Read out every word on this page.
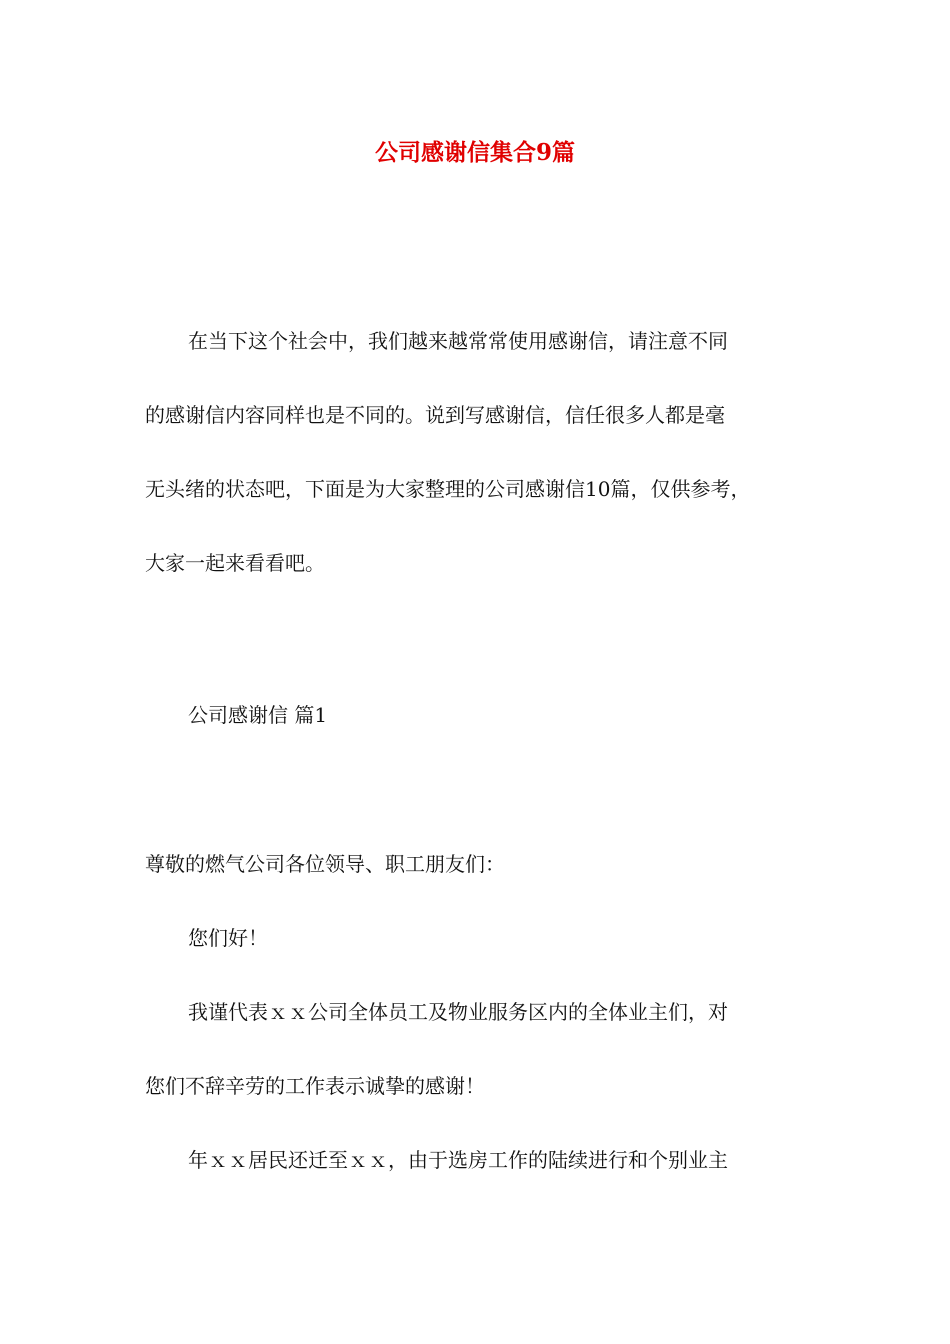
公司感谢信集合9篇
在当下这个社会中，我们越来越常常使用感谢信，请注意不同
的感谢信内容同样也是不同的。说到写感谢信，信任很多人都是毫
无头绪的状态吧，下面是为大家整理的公司感谢信10篇，仅供参考，
大家一起来看看吧。
公司感谢信 篇1
尊敬的燃气公司各位领导、职工朋友们：
您们好！
我谨代表ｘｘ公司全体员工及物业服务区内的全体业主们，对
您们不辞辛劳的工作表示诚挚的感谢！
年ｘｘ居民还迁至ｘｘ，由于选房工作的陆续进行和个别业主
